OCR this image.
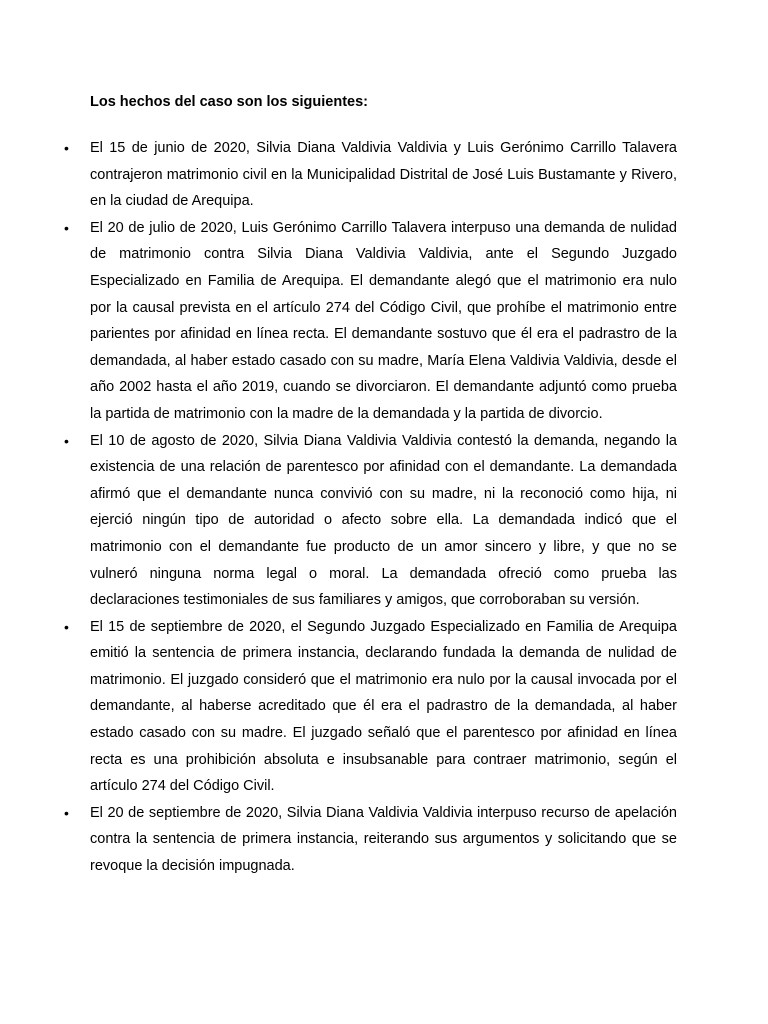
Los hechos del caso son los siguientes:

•	El 15 de junio de 2020, Silvia Diana Valdivia Valdivia y Luis Gerónimo Carrillo Talavera contrajeron matrimonio civil en la Municipalidad Distrital de José Luis Bustamante y Rivero, en la ciudad de Arequipa.
•	El 20 de julio de 2020, Luis Gerónimo Carrillo Talavera interpuso una demanda de nulidad de matrimonio contra Silvia Diana Valdivia Valdivia, ante el Segundo Juzgado Especializado en Familia de Arequipa. El demandante alegó que el matrimonio era nulo por la causal prevista en el artículo 274 del Código Civil, que prohíbe el matrimonio entre parientes por afinidad en línea recta. El demandante sostuvo que él era el padrastro de la demandada, al haber estado casado con su madre, María Elena Valdivia Valdivia, desde el año 2002 hasta el año 2019, cuando se divorciaron. El demandante adjuntó como prueba la partida de matrimonio con la madre de la demandada y la partida de divorcio.
•	El 10 de agosto de 2020, Silvia Diana Valdivia Valdivia contestó la demanda, negando la existencia de una relación de parentesco por afinidad con el demandante. La demandada afirmó que el demandante nunca convivió con su madre, ni la reconoció como hija, ni ejerció ningún tipo de autoridad o afecto sobre ella. La demandada indicó que el matrimonio con el demandante fue producto de un amor sincero y libre, y que no se vulneró ninguna norma legal o moral. La demandada ofreció como prueba las declaraciones testimoniales de sus familiares y amigos, que corroboraban su versión.
•	El 15 de septiembre de 2020, el Segundo Juzgado Especializado en Familia de Arequipa emitió la sentencia de primera instancia, declarando fundada la demanda de nulidad de matrimonio. El juzgado consideró que el matrimonio era nulo por la causal invocada por el demandante, al haberse acreditado que él era el padrastro de la demandada, al haber estado casado con su madre. El juzgado señaló que el parentesco por afinidad en línea recta es una prohibición absoluta e insubsanable para contraer matrimonio, según el artículo 274 del Código Civil.
•	El 20 de septiembre de 2020, Silvia Diana Valdivia Valdivia interpuso recurso de apelación contra la sentencia de primera instancia, reiterando sus argumentos y solicitando que se revoque la decisión impugnada.
